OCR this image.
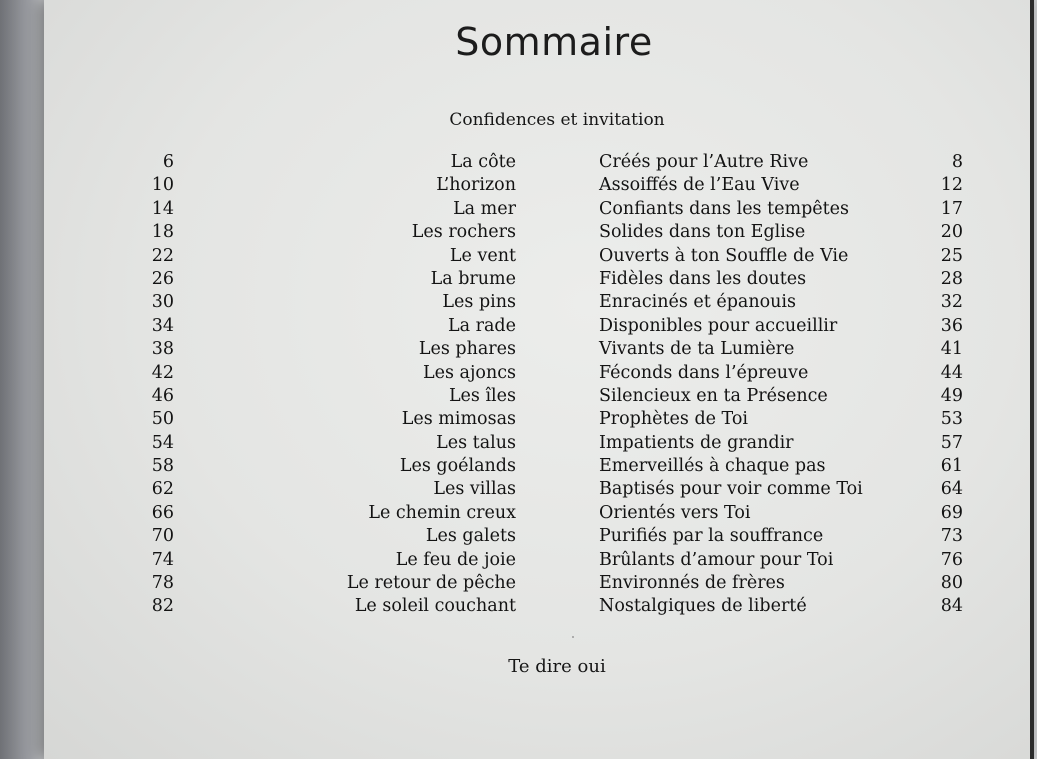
Sommaire
Confidences et invitation
6	La côte	Créés pour l’Autre Rive	8
10	L’horizon	Assoiffés de l’Eau Vive	12
14	La mer	Confiants dans les tempêtes	17
18	Les rochers	Solides dans ton Eglise	20
22	Le vent	Ouverts à ton Souffle de Vie	25
26	La brume	Fidèles dans les doutes	28
30	Les pins	Enracinés et épanouis	32
34	La rade	Disponibles pour accueillir	36
38	Les phares	Vivants de ta Lumière	41
42	Les ajoncs	Féconds dans l’épreuve	44
46	Les îles	Silencieux en ta Présence	49
50	Les mimosas	Prophètes de Toi	53
54	Les talus	Impatients de grandir	57
58	Les goélands	Emerveillés à chaque pas	61
62	Les villas	Baptisés pour voir comme Toi	64
66	Le chemin creux	Orientés vers Toi	69
70	Les galets	Purifiés par la souffrance	73
74	Le feu de joie	Brûlants d’amour pour Toi	76
78	Le retour de pêche	Environnés de frères	80
82	Le soleil couchant	Nostalgiques de liberté	84
Te dire oui
